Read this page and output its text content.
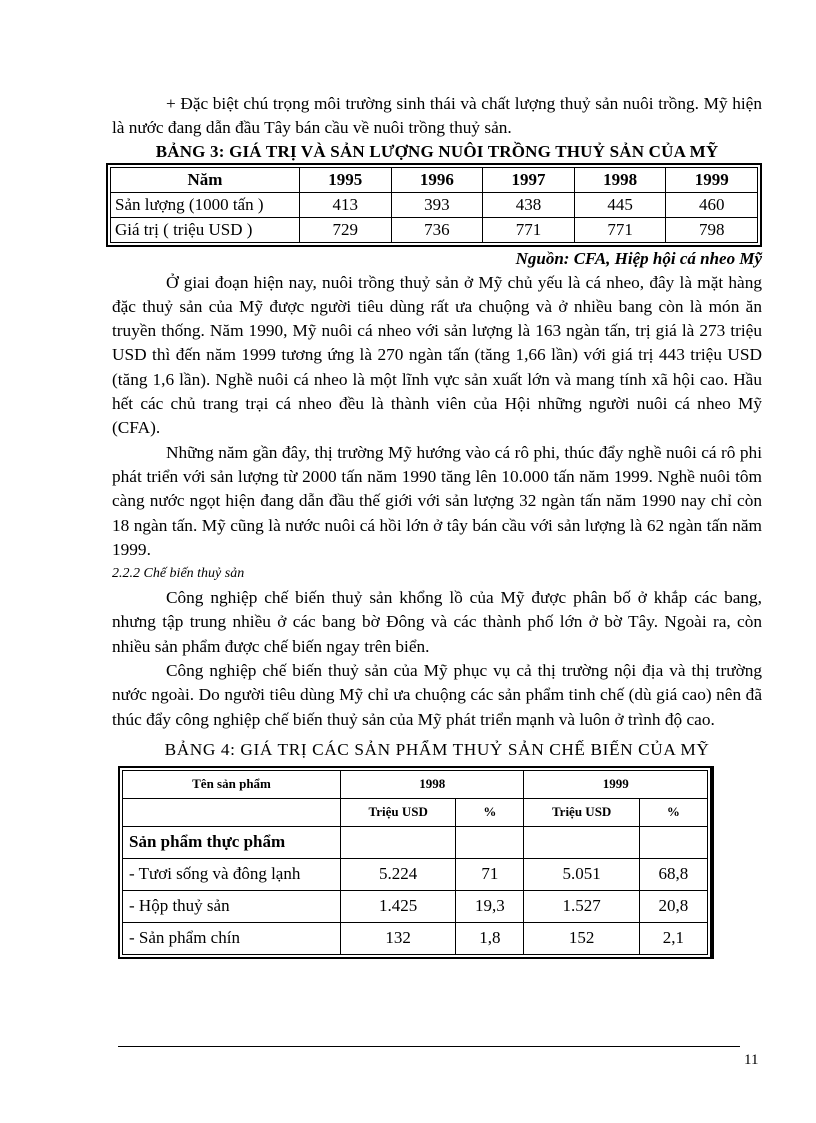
+ Đặc biệt chú trọng môi trường sinh thái và chất lượng thuỷ sản nuôi trồng. Mỹ hiện là nước đang dẫn đầu Tây bán cầu về nuôi trồng thuỷ sản.

BẢNG 3: GIÁ TRỊ VÀ SẢN LƯỢNG NUÔI TRỒNG THUỶ SẢN CỦA MỸ
Năm	1995	1996	1997	1998	1999
Sản lượng (1000 tấn )	413	393	438	445	460
Giá trị ( triệu USD )	729	736	771	771	798
Nguồn: CFA, Hiệp hội cá nheo Mỹ

Ở giai đoạn hiện nay, nuôi trồng thuỷ sản ở Mỹ chủ yếu là cá nheo, đây là mặt hàng đặc thuỷ sản của Mỹ được người tiêu dùng rất ưa chuộng và ở nhiều bang còn là món ăn truyền thống. Năm 1990, Mỹ nuôi cá nheo với sản lượng là 163 ngàn tấn, trị giá là 273 triệu USD thì đến năm 1999 tương ứng là 270 ngàn tấn (tăng 1,66 lần) với giá trị 443 triệu USD (tăng 1,6 lần). Nghề nuôi cá nheo là một lĩnh vực sản xuất lớn và mang tính xã hội cao. Hầu hết các chủ trang trại cá nheo đều là thành viên của Hội những người nuôi cá nheo Mỹ (CFA).

Những năm gần đây, thị trường Mỹ hướng vào cá rô phi, thúc đẩy nghề nuôi cá rô phi phát triển với sản lượng từ 2000 tấn năm 1990 tăng lên 10.000 tấn năm 1999. Nghề nuôi tôm càng nước ngọt hiện đang dẫn đầu thế giới với sản lượng 32 ngàn tấn năm 1990 nay chỉ còn 18 ngàn tấn. Mỹ cũng là nước nuôi cá hồi lớn ở tây bán cầu với sản lượng là 62 ngàn tấn năm 1999.

2.2.2 Chế biến thuỷ sản

Công nghiệp chế biến thuỷ sản khổng lồ của Mỹ được phân bố ở khắp các bang, nhưng tập trung nhiều ở các bang bờ Đông và các thành phố lớn ở bờ Tây. Ngoài ra, còn nhiều sản phẩm được chế biến ngay trên biển.

Công nghiệp chế biến thuỷ sản của Mỹ phục vụ cả thị trường nội địa và thị trường nước ngoài. Do người tiêu dùng Mỹ chỉ ưa chuộng các sản phẩm tinh chế (dù giá cao) nên đã thúc đẩy công nghiệp chế biến thuỷ sản của Mỹ phát triển mạnh và luôn ở trình độ cao.

BẢNG 4: GIÁ TRỊ CÁC SẢN PHẨM THUỶ SẢN CHẾ BIẾN CỦA MỸ
Tên sản phẩm	1998		1999	
	Triệu USD	%	Triệu USD	%
Sản phẩm thực phẩm				
- Tươi sống và đông lạnh	5.224	71	5.051	68,8
- Hộp thuỷ sản	1.425	19,3	1.527	20,8
- Sản phẩm chín	132	1,8	152	2,1
11
